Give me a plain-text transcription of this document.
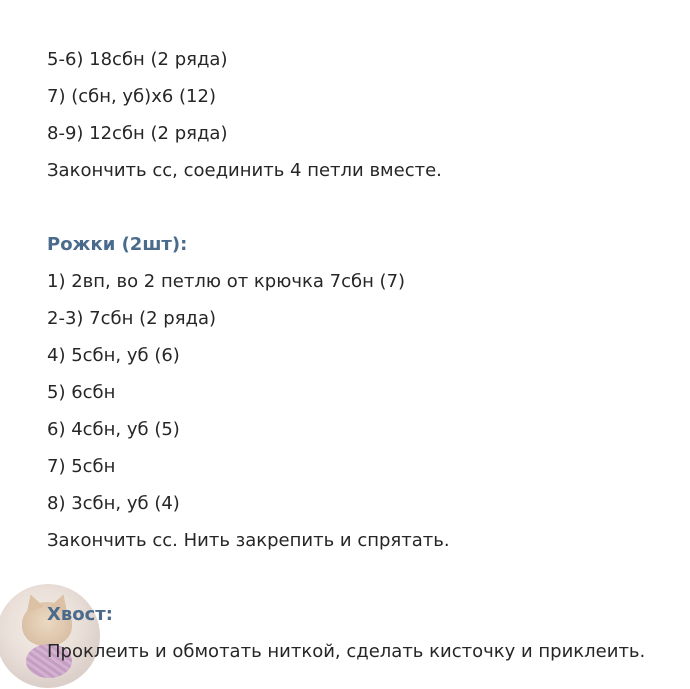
5-6) 18сбн (2 ряда)
7) (сбн, уб)х6 (12)
8-9) 12сбн (2 ряда)
Закончить сс, соединить 4 петли вместе.
Рожки (2шт):
1) 2вп, во 2 петлю от крючка 7сбн (7)
2-3) 7сбн (2 ряда)
4) 5сбн, уб (6)
5) 6сбн
6) 4сбн, уб (5)
7) 5сбн
8) 3сбн, уб (4)
Закончить сс. Нить закрепить и спрятать.
Хвост:
Проклеить и обмотать ниткой, сделать кисточку и приклеить.
